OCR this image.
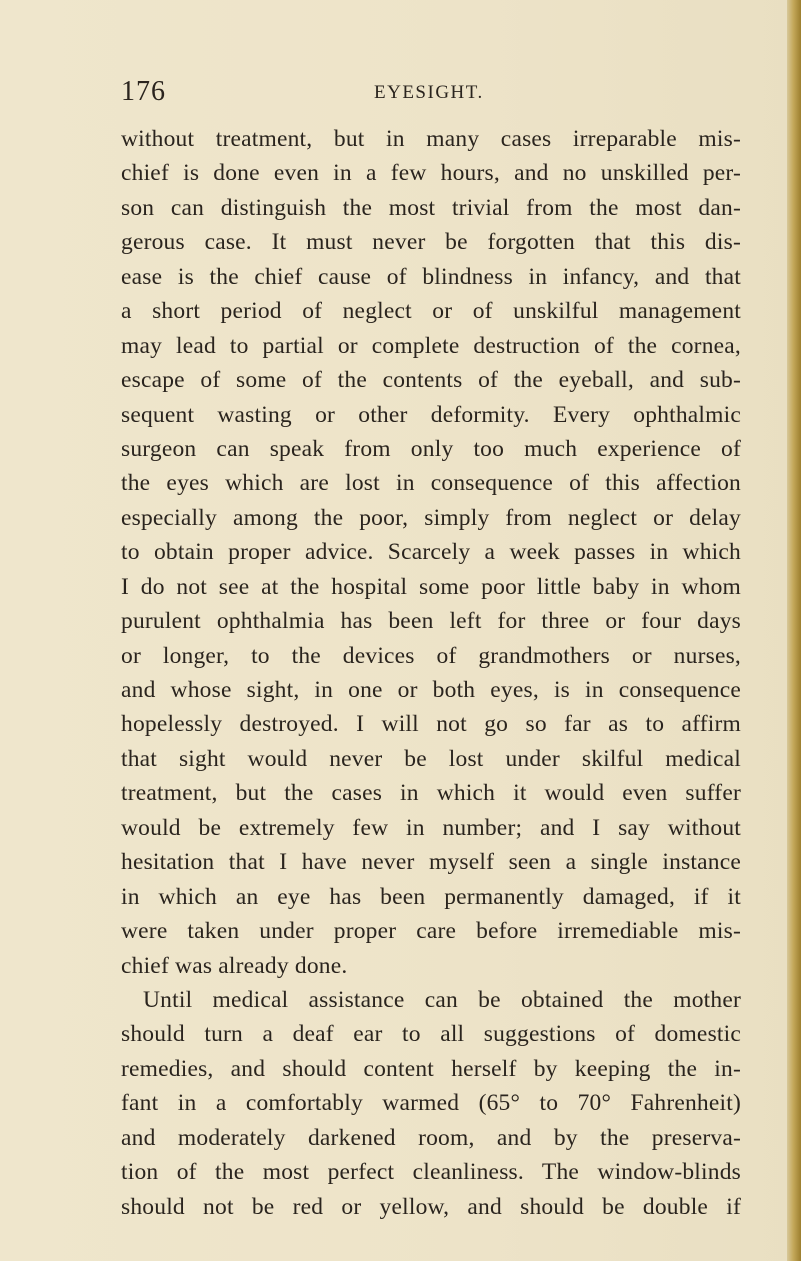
176	EYESIGHT.
without treatment, but in many cases irreparable mis-
chief is done even in a few hours, and no unskilled per-
son can distinguish the most trivial from the most dan-
gerous case. It must never be forgotten that this dis-
ease is the chief cause of blindness in infancy, and that
a short period of neglect or of unskilful management
may lead to partial or complete destruction of the cornea,
escape of some of the contents of the eyeball, and sub-
sequent wasting or other deformity. Every ophthalmic
surgeon can speak from only too much experience of
the eyes which are lost in consequence of this affection
especially among the poor, simply from neglect or delay
to obtain proper advice. Scarcely a week passes in which
I do not see at the hospital some poor little baby in whom
purulent ophthalmia has been left for three or four days
or longer, to the devices of grandmothers or nurses,
and whose sight, in one or both eyes, is in consequence
hopelessly destroyed. I will not go so far as to affirm
that sight would never be lost under skilful medical
treatment, but the cases in which it would even suffer
would be extremely few in number; and I say without
hesitation that I have never myself seen a single instance
in which an eye has been permanently damaged, if it
were taken under proper care before irremediable mis-
chief was already done.
Until medical assistance can be obtained the mother
should turn a deaf ear to all suggestions of domestic
remedies, and should content herself by keeping the in-
fant in a comfortably warmed (65° to 70° Fahrenheit)
and moderately darkened room, and by the preserva-
tion of the most perfect cleanliness. The window-blinds
should not be red or yellow, and should be double if
